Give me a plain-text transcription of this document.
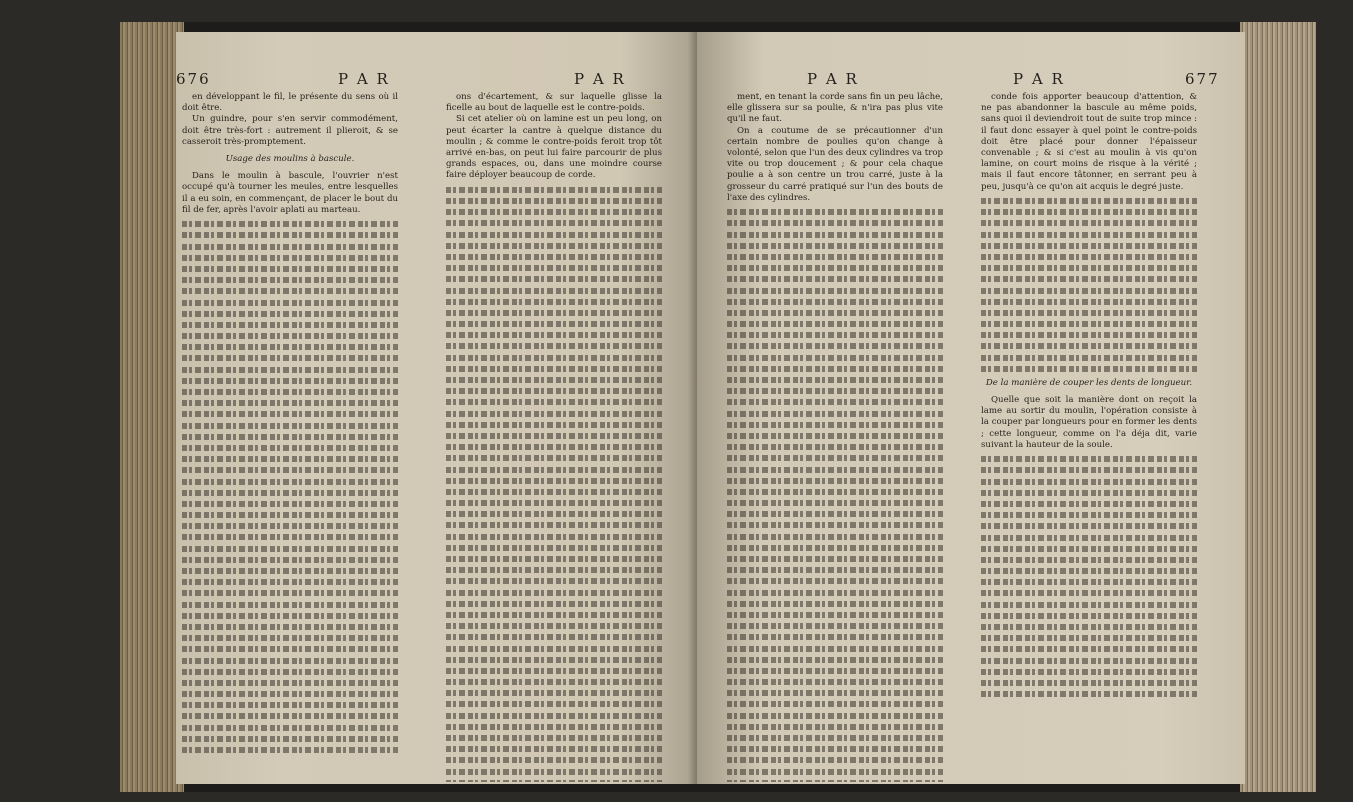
676	P A R	P A R

en développant le fil, le présente du sens où il doit être.

Un guindre, pour s'en servir commodément, doit être très-fort : autrement il plieroit, & se casseroit très-promptement.

Usage des moulins à bascule.

Dans le moulin à bascule, l'ouvrier n'est occupé qu'à tourner les meules, entre lesquelles il a eu soin, en commençant, de placer le bout du fil de fer, après l'avoir aplati au marteau.

ons d'écartement, & sur laquelle glisse la ficelle au bout de laquelle est le contre-poids.

Si cet atelier où on lamine est un peu long, on peut écarter la cantre à quelque distance du moulin ; & comme le contre-poids feroit trop tôt arrivé en-bas, on peut lui faire parcourir de plus grands espaces, ou, dans une moindre course faire déployer beaucoup de corde.

P A R	P A R	677

ment, en tenant la corde sans fin un peu lâche, elle glissera sur sa poulie, & n'ira pas plus vite qu'il ne faut.

On a coutume de se précautionner d'un certain nombre de poulies qu'on change à volonté, selon que l'un des deux cylindres va trop vite ou trop doucement ; & pour cela chaque poulie a à son centre un trou carré, juste à la grosseur du carré pratiqué sur l'un des bouts de l'axe des cylindres.

conde fois apporter beaucoup d'attention, & ne pas abandonner la bascule au même poids, sans quoi il deviendroit tout de suite trop mince : il faut donc essayer à quel point le contre-poids doit être placé pour donner l'épaisseur convenable ; & si c'est au moulin à vis qu'on lamine, on court moins de risque à la vérité ; mais il faut encore tâtonner, en serrant peu à peu, jusqu'à ce qu'on ait acquis le degré juste.

De la manière de couper les dents de longueur.

Quelle que soit la manière dont on reçoit la lame au sortir du moulin, l'opération consiste à la couper par longueurs pour en former les dents ; cette longueur, comme on l'a déja dit, varie suivant la hauteur de la soule.
